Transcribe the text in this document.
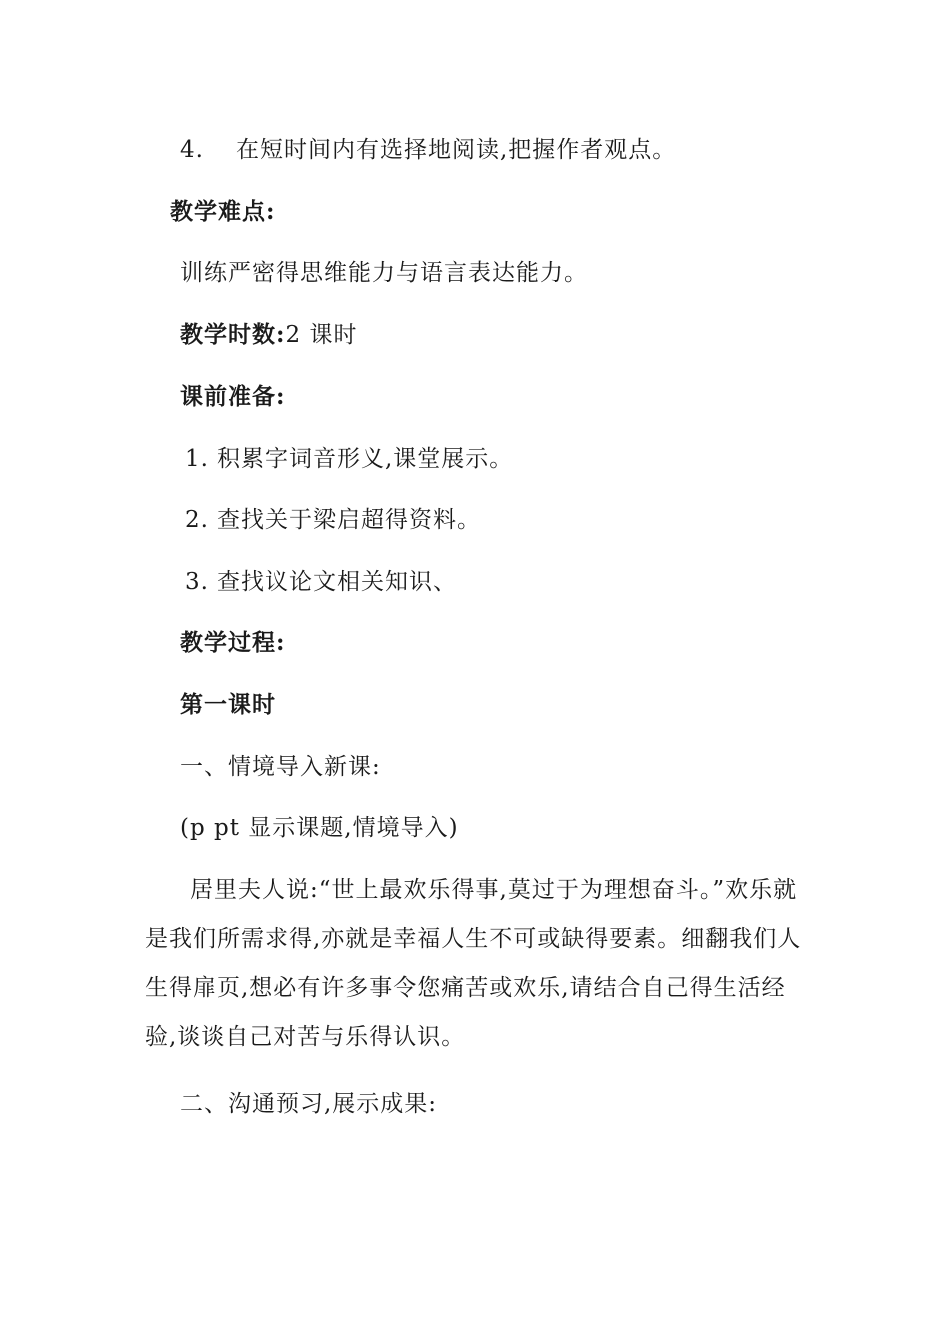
4. 在短时间内有选择地阅读,把握作者观点。
教学难点:
训练严密得思维能力与语言表达能力。
教学时数:2 课时
课前准备:
1. 积累字词音形义,课堂展示。
2. 查找关于梁启超得资料。
3. 查找议论文相关知识、
教学过程:
第一课时
一、情境导入新课:
(p pt 显示课题,情境导入)
居里夫人说:“世上最欢乐得事,莫过于为理想奋斗。”欢乐就是我们所需求得,亦就是幸福人生不可或缺得要素。细翻我们人生得扉页,想必有许多事令您痛苦或欢乐,请结合自己得生活经验,谈谈自己对苦与乐得认识。
二、沟通预习,展示成果:
